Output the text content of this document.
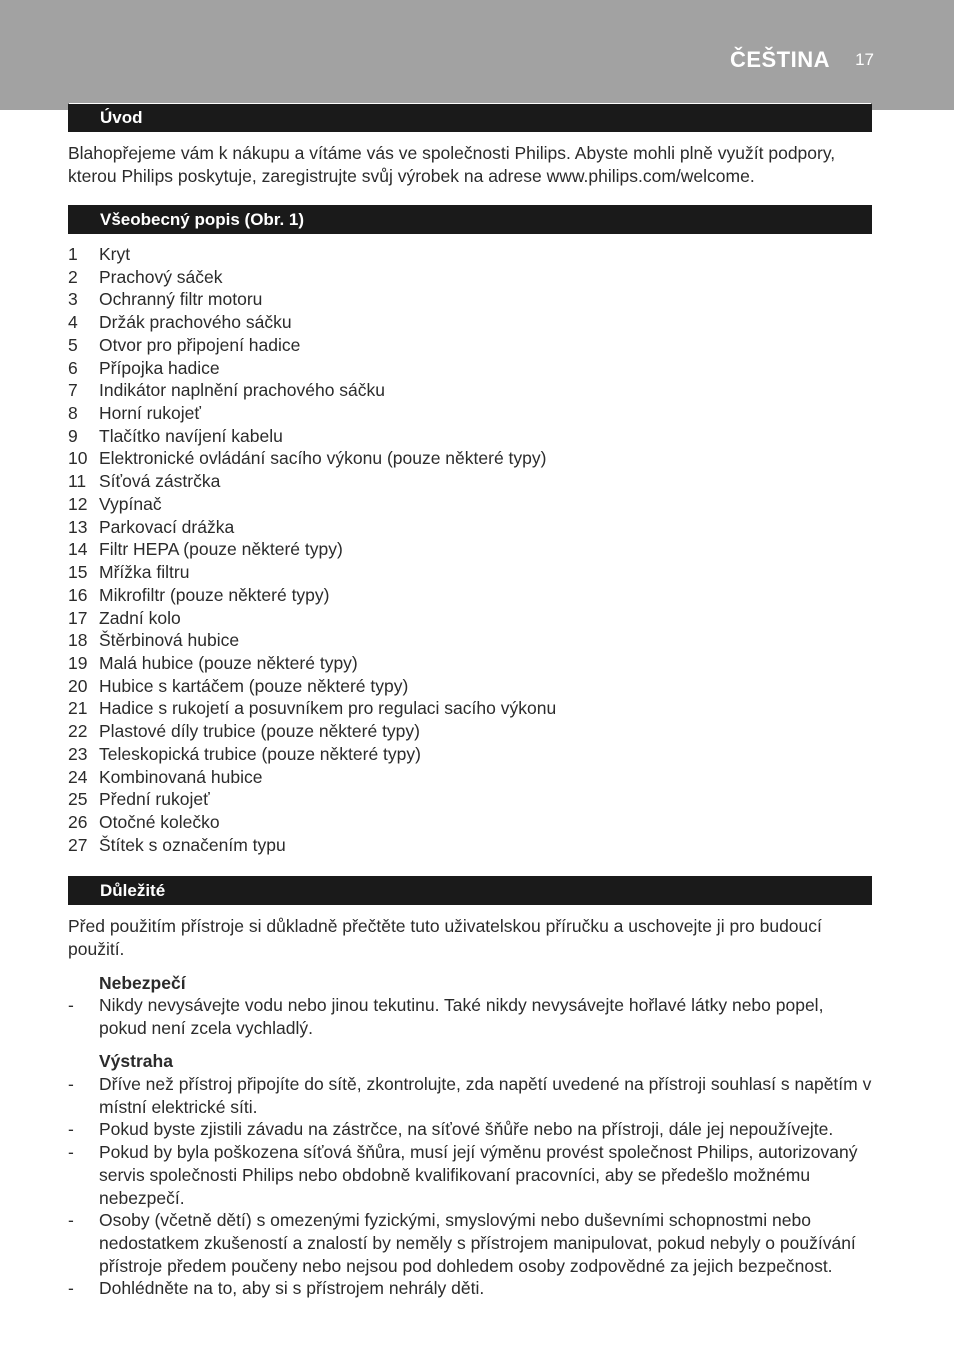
ČEŠTINA 17
Úvod
Blahopřejeme vám k nákupu a vítáme vás ve společnosti Philips. Abyste mohli plně využít podpory, kterou Philips poskytuje, zaregistrujte svůj výrobek na adrese www.philips.com/welcome.
Všeobecný popis (Obr. 1)
1 Kryt
2 Prachový sáček
3 Ochranný filtr motoru
4 Držák prachového sáčku
5 Otvor pro připojení hadice
6 Přípojka hadice
7 Indikátor naplnění prachového sáčku
8 Horní rukojeť
9 Tlačítko navíjení kabelu
10 Elektronické ovládání sacího výkonu (pouze některé typy)
11 Síťová zástrčka
12 Vypínač
13 Parkovací drážka
14 Filtr HEPA (pouze některé typy)
15 Mřížka filtru
16 Mikrofiltr (pouze některé typy)
17 Zadní kolo
18 Štěrbinová hubice
19 Malá hubice (pouze některé typy)
20 Hubice s kartáčem (pouze některé typy)
21 Hadice s rukojetí a posuvníkem pro regulaci sacího výkonu
22 Plastové díly trubice (pouze některé typy)
23 Teleskopická trubice (pouze některé typy)
24 Kombinovaná hubice
25 Přední rukojeť
26 Otočné kolečko
27 Štítek s označením typu
Důležité
Před použitím přístroje si důkladně přečtěte tuto uživatelskou příručku a uschovejte ji pro budoucí použití.
Nebezpečí
- Nikdy nevysávejte vodu nebo jinou tekutinu. Také nikdy nevysávejte hořlavé látky nebo popel, pokud není zcela vychladlý.
Výstraha
- Dříve než přístroj připojíte do sítě, zkontrolujte, zda napětí uvedené na přístroji souhlasí s napětím v místní elektrické síti.
- Pokud byste zjistili závadu na zástrčce, na síťové šňůře nebo na přístroji, dále jej nepoužívejte.
- Pokud by byla poškozena síťová šňůra, musí její výměnu provést společnost Philips, autorizovaný servis společnosti Philips nebo obdobně kvalifikovaní pracovníci, aby se předešlo možnému nebezpečí.
- Osoby (včetně dětí) s omezenými fyzickými, smyslovými nebo duševními schopnostmi nebo nedostatkem zkušeností a znalostí by neměly s přístrojem manipulovat, pokud nebyly o používání přístroje předem poučeny nebo nejsou pod dohledem osoby zodpovědné za jejich bezpečnost.
- Dohlédněte na to, aby si s přístrojem nehrály děti.
